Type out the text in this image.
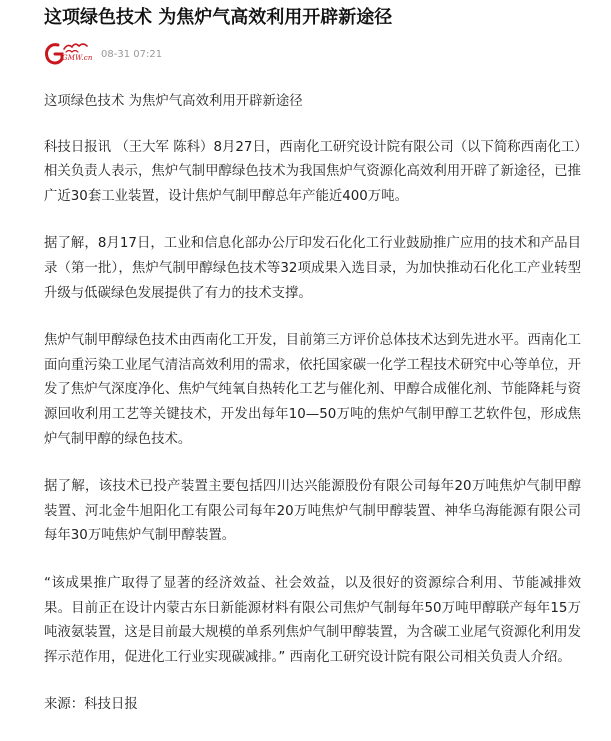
这项绿色技术 为焦炉气高效利用开辟新途径
GMW.cn 08-31 07:21

这项绿色技术 为焦炉气高效利用开辟新途径

科技日报讯 （王大军 陈科）8月27日，西南化工研究设计院有限公司（以下简称西南化工）相关负责人表示，焦炉气制甲醇绿色技术为我国焦炉气资源化高效利用开辟了新途径，已推广近30套工业装置，设计焦炉气制甲醇总年产能近400万吨。

据了解，8月17日，工业和信息化部办公厅印发石化化工行业鼓励推广应用的技术和产品目录（第一批），焦炉气制甲醇绿色技术等32项成果入选目录，为加快推动石化化工产业转型升级与低碳绿色发展提供了有力的技术支撑。

焦炉气制甲醇绿色技术由西南化工开发，目前第三方评价总体技术达到先进水平。西南化工面向重污染工业尾气清洁高效利用的需求，依托国家碳一化学工程技术研究中心等单位，开发了焦炉气深度净化、焦炉气纯氧自热转化工艺与催化剂、甲醇合成催化剂、节能降耗与资源回收利用工艺等关键技术，开发出每年10—50万吨的焦炉气制甲醇工艺软件包，形成焦炉气制甲醇的绿色技术。

据了解，该技术已投产装置主要包括四川达兴能源股份有限公司每年20万吨焦炉气制甲醇装置、河北金牛旭阳化工有限公司每年20万吨焦炉气制甲醇装置、神华乌海能源有限公司每年30万吨焦炉气制甲醇装置。

“该成果推广取得了显著的经济效益、社会效益，以及很好的资源综合利用、节能减排效果。目前正在设计内蒙古东日新能源材料有限公司焦炉气制每年50万吨甲醇联产每年15万吨液氨装置，这是目前最大规模的单系列焦炉气制甲醇装置，为含碳工业尾气资源化利用发挥示范作用，促进化工行业实现碳减排。” 西南化工研究设计院有限公司相关负责人介绍。

来源：科技日报
